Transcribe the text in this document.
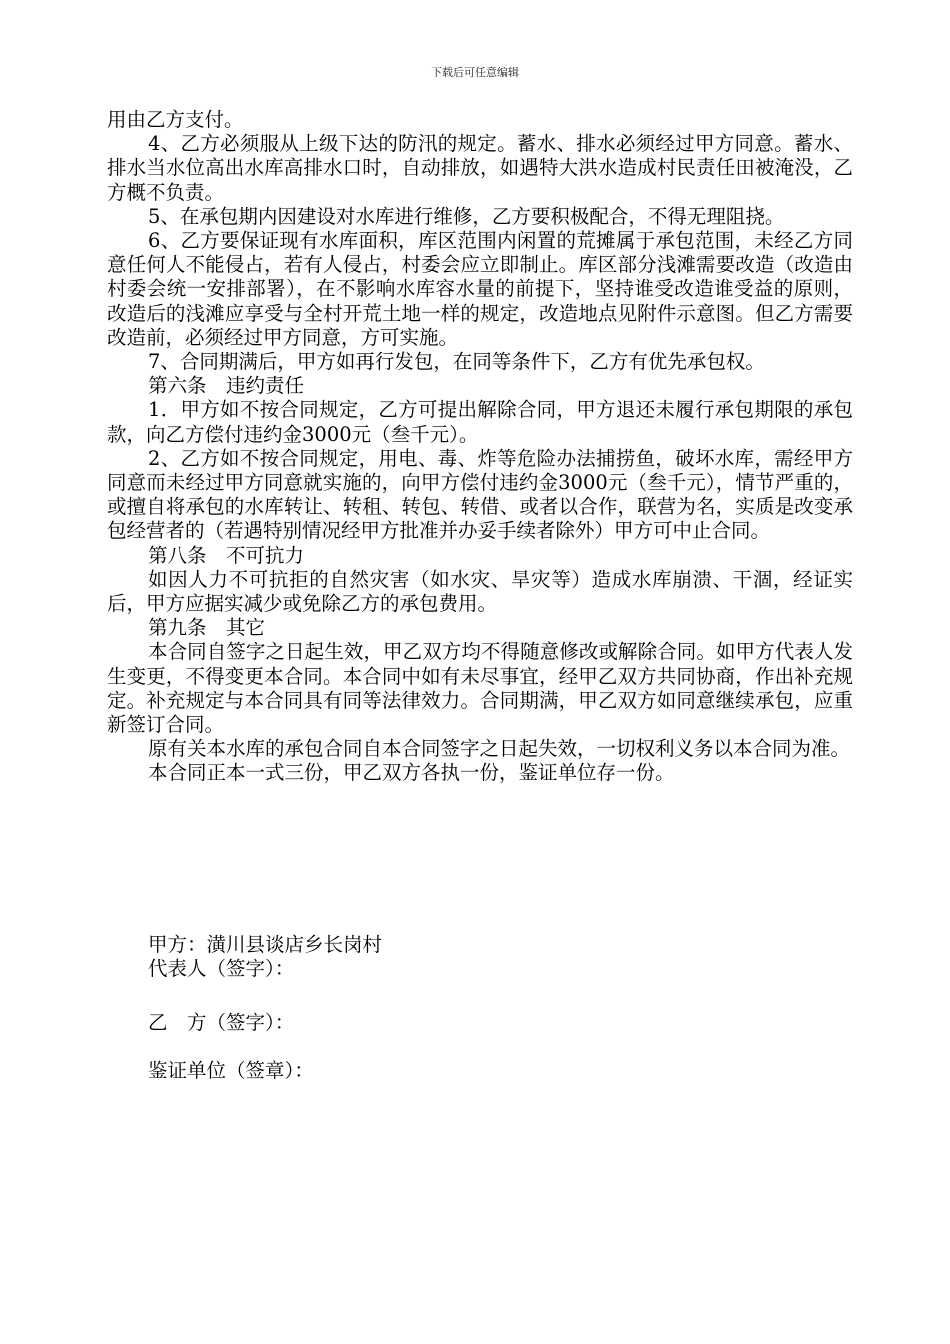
下载后可任意编辑

用由乙方支付。

4、乙方必须服从上级下达的防汛的规定。蓄水、排水必须经过甲方同意。蓄水、排水当水位高出水库高排水口时，自动排放，如遇特大洪水造成村民责任田被淹没，乙方概不负责。

5、在承包期内因建设对水库进行维修，乙方要积极配合，不得无理阻挠。

6、乙方要保证现有水库面积，库区范围内闲置的荒摊属于承包范围，未经乙方同意任何人不能侵占，若有人侵占，村委会应立即制止。库区部分浅滩需要改造（改造由村委会统一安排部署），在不影响水库容水量的前提下，坚持谁受改造谁受益的原则，改造后的浅滩应享受与全村开荒土地一样的规定，改造地点见附件示意图。但乙方需要改造前，必须经过甲方同意，方可实施。

7、合同期满后，甲方如再行发包，在同等条件下，乙方有优先承包权。

第六条　违约责任

1．甲方如不按合同规定，乙方可提出解除合同，甲方退还未履行承包期限的承包款，向乙方偿付违约金3000元（叁千元）。

2、乙方如不按合同规定，用电、毒、炸等危险办法捕捞鱼，破坏水库，需经甲方同意而未经过甲方同意就实施的，向甲方偿付违约金3000元（叁千元），情节严重的，或擅自将承包的水库转让、转租、转包、转借、或者以合作，联营为名，实质是改变承包经营者的（若遇特别情况经甲方批准并办妥手续者除外）甲方可中止合同。

第八条　不可抗力

如因人力不可抗拒的自然灾害（如水灾、旱灾等）造成水库崩溃、干涸，经证实后，甲方应据实减少或免除乙方的承包费用。

第九条　其它

本合同自签字之日起生效，甲乙双方均不得随意修改或解除合同。如甲方代表人发生变更，不得变更本合同。本合同中如有未尽事宜，经甲乙双方共同协商，作出补充规定。补充规定与本合同具有同等法律效力。合同期满，甲乙双方如同意继续承包，应重新签订合同。

原有关本水库的承包合同自本合同签字之日起失效，一切权利义务以本合同为准。

本合同正本一式三份，甲乙双方各执一份，鉴证单位存一份。

甲方：潢川县谈店乡长岗村

代表人（签字）：

乙　方（签字）：

鉴证单位（签章）：
